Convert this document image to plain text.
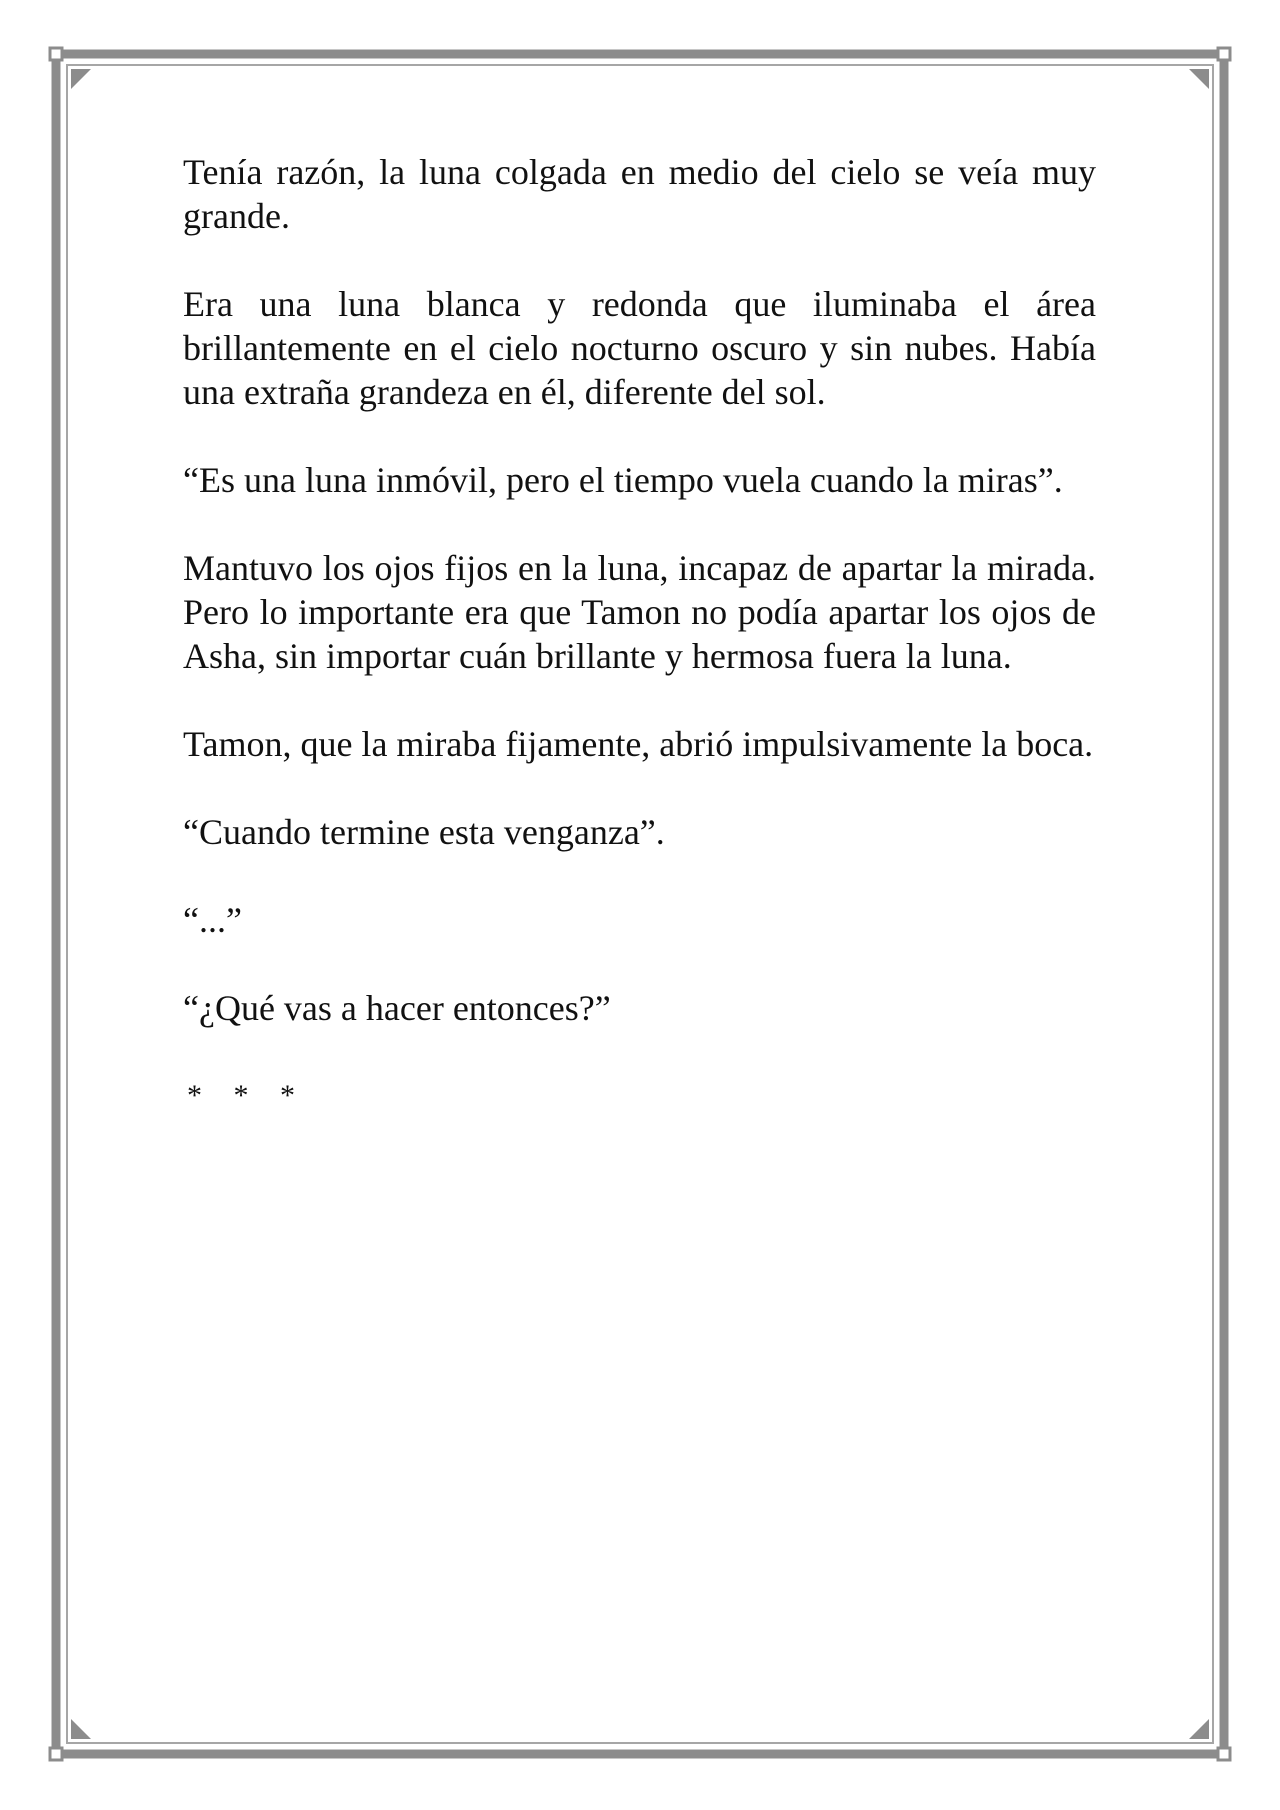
Tenía razón, la luna colgada en medio del cielo se veía muy grande.

Era una luna blanca y redonda que iluminaba el área brillantemente en el cielo nocturno oscuro y sin nubes. Había una extraña grandeza en él, diferente del sol.

“Es una luna inmóvil, pero el tiempo vuela cuando la miras”.

Mantuvo los ojos fijos en la luna, incapaz de apartar la mirada. Pero lo importante era que Tamon no podía apartar los ojos de Asha, sin importar cuán brillante y hermosa fuera la luna.

Tamon, que la miraba fijamente, abrió impulsivamente la boca.

“Cuando termine esta venganza”.

“...”

“¿Qué vas a hacer entonces?”

* * *
